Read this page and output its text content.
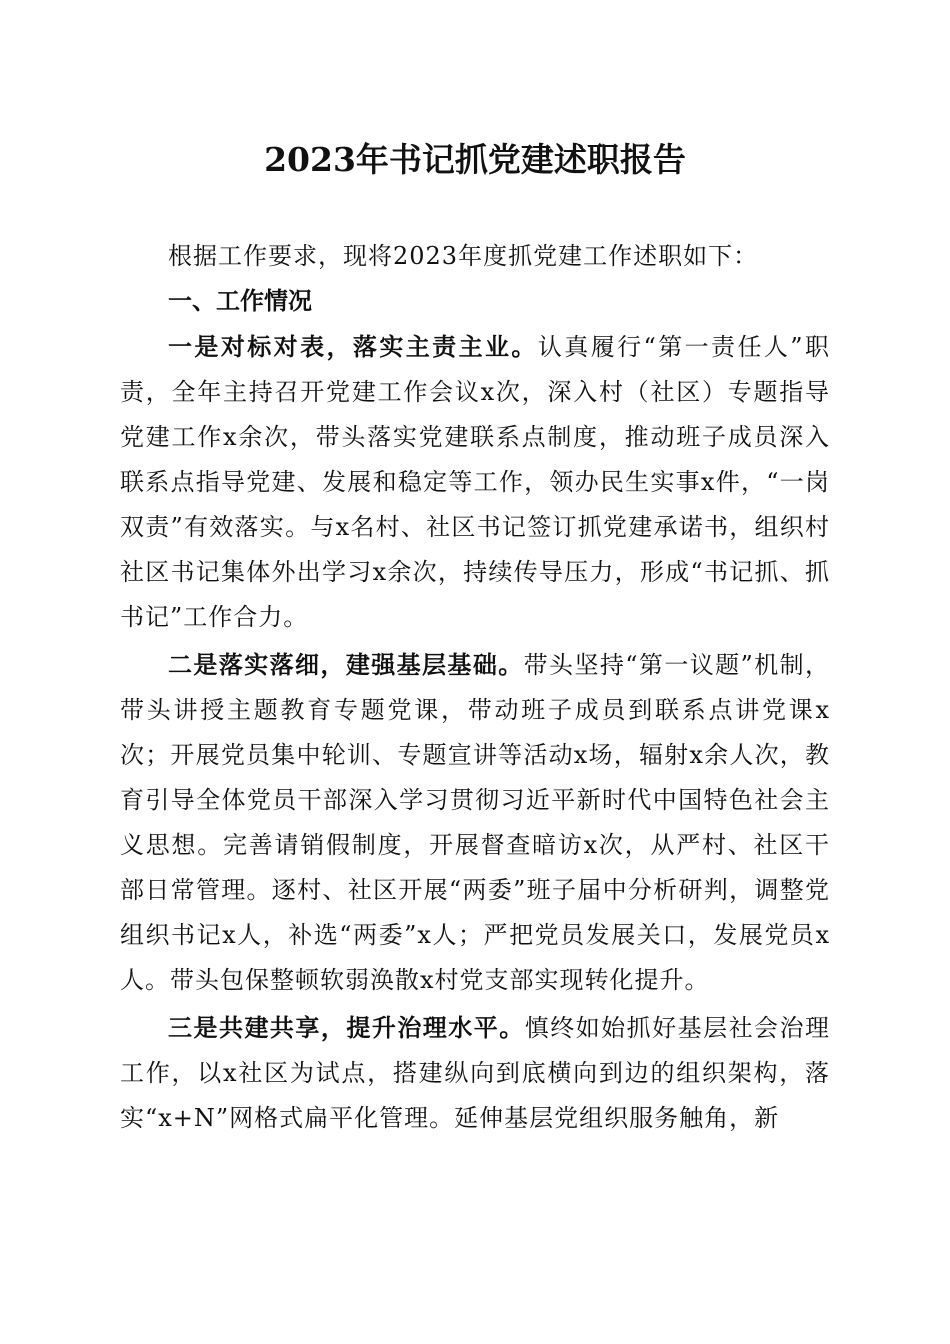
2023年书记抓党建述职报告

根据工作要求，现将2023年度抓党建工作述职如下：

一、工作情况

一是对标对表，落实主责主业。认真履行“第一责任人”职责，全年主持召开党建工作会议x次，深入村（社区）专题指导党建工作x余次，带头落实党建联系点制度，推动班子成员深入联系点指导党建、发展和稳定等工作，领办民生实事x件，“一岗双责”有效落实。与x名村、社区书记签订抓党建承诺书，组织村社区书记集体外出学习x余次，持续传导压力，形成“书记抓、抓书记”工作合力。

二是落实落细，建强基层基础。带头坚持“第一议题”机制，带头讲授主题教育专题党课，带动班子成员到联系点讲党课x次；开展党员集中轮训、专题宣讲等活动x场，辐射x余人次，教育引导全体党员干部深入学习贯彻习近平新时代中国特色社会主义思想。完善请销假制度，开展督查暗访x次，从严村、社区干部日常管理。逐村、社区开展“两委”班子届中分析研判，调整党组织书记x人，补选“两委”x人；严把党员发展关口，发展党员x人。带头包保整顿软弱涣散x村党支部实现转化提升。

三是共建共享，提升治理水平。慎终如始抓好基层社会治理工作，以x社区为试点，搭建纵向到底横向到边的组织架构，落实“x+N”网格式扁平化管理。延伸基层党组织服务触角，新
